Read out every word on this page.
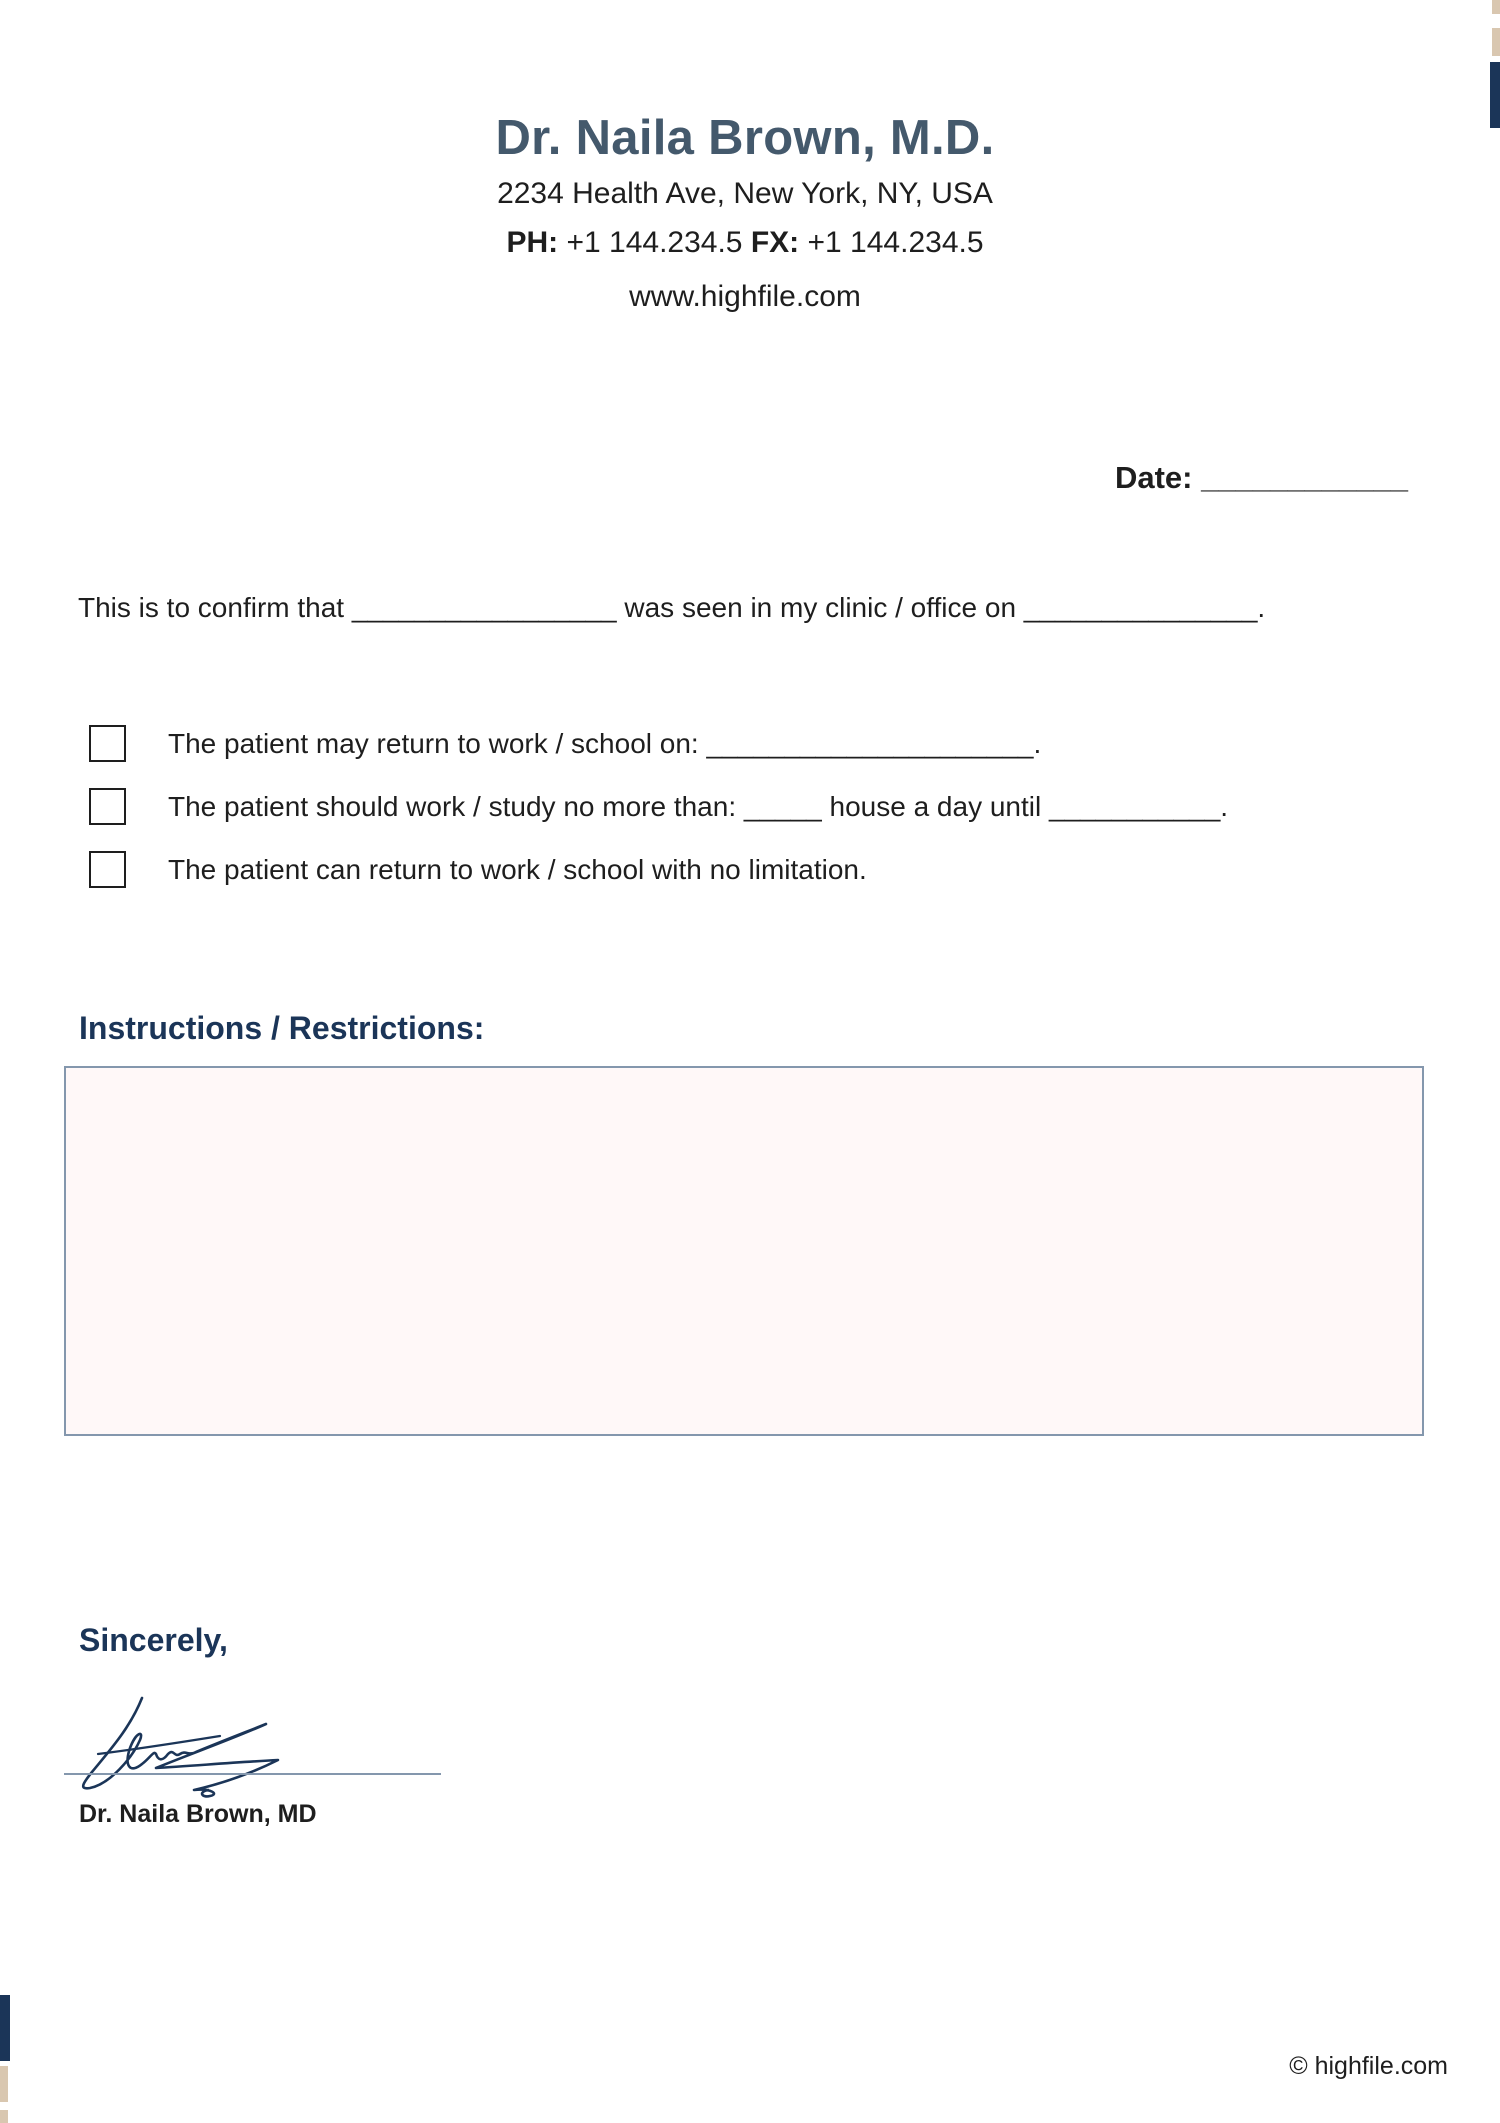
Dr. Naila Brown, M.D.
2234 Health Ave, New York, NY, USA
PH: +1 144.234.5 FX: +1 144.234.5
www.highfile.com
Date: ____________
This is to confirm that _________________ was seen in my clinic / office on _______________.
The patient may return to work / school on: _____________________.
The patient should work / study no more than: _____ house a day until ___________.
The patient can return to work / school with no limitation.
Instructions / Restrictions:
Sincerely,
Dr. Naila Brown, MD
© highfile.com
